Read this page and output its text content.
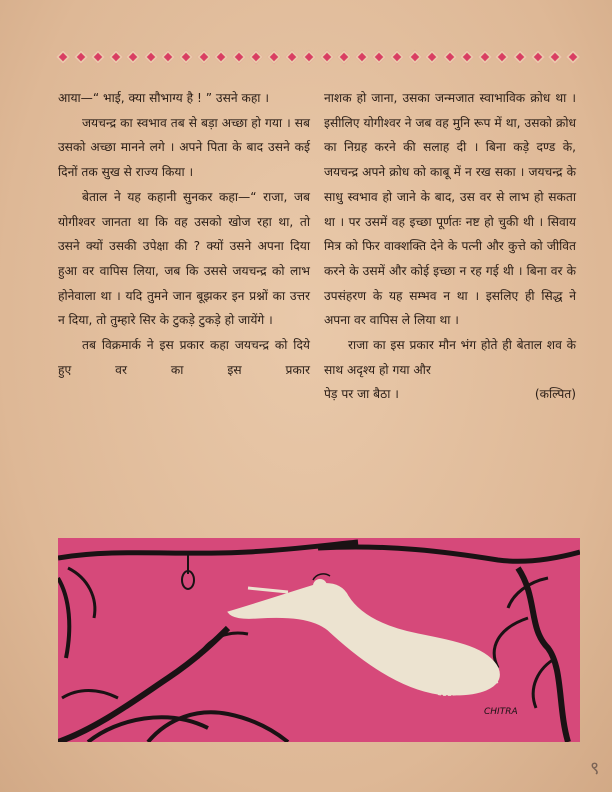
आया—“ भाई, क्या सौभाग्य है ! ” उसने कहा ।

जयचन्द्र का स्वभाव तब से बड़ा अच्छा हो गया । सब उसको अच्छा मानने लगे । अपने पिता के बाद उसने कई दिनों तक सुख से राज्य किया ।

बेताल ने यह कहानी सुनकर कहा—“ राजा, जब योगीश्वर जानता था कि वह उसको खोज रहा था, तो उसने क्यों उसकी उपेक्षा की ? क्यों उसने अपना दिया हुआ वर वापिस लिया, जब कि उससे जयचन्द्र को लाभ होनेवाला था । यदि तुमने जान बूझकर इन प्रश्नों का उत्तर न दिया, तो तुम्हारे सिर के टुकड़े टुकड़े हो जायेंगे ।

तब विक्रमार्क ने इस प्रकार कहा जयचन्द्र को दिये हुए वर का इस प्रकार

नाशक हो जाना, उसका जन्मजात स्वाभाविक क्रोध था । इसीलिए योगीश्वर ने जब वह मुनि रूप में था, उसको क्रोध का निग्रह करने की सलाह दी । बिना कड़े दण्ड के, जयचन्द्र अपने क्रोध को काबू में न रख सका । जयचन्द्र के साधु स्वभाव हो जाने के बाद, उस वर से लाभ हो सकता था । पर उसमें वह इच्छा पूर्णतः नष्ट हो चुकी थी । सिवाय मित्र को फिर वाक्शक्ति देने के पत्नी और कुत्ते को जीवित करने के उसमें और कोई इच्छा न रह गई थी । बिना वर के उपसंहरण के यह सम्भव न था । इसलिए ही सिद्ध ने अपना वर वापिस ले लिया था ।

राजा का इस प्रकार मौन भंग होते ही बेताल शव के साथ अदृश्य हो गया और

पेड़ पर जा बैठा ।	(कल्पित)
CHITRA
९
